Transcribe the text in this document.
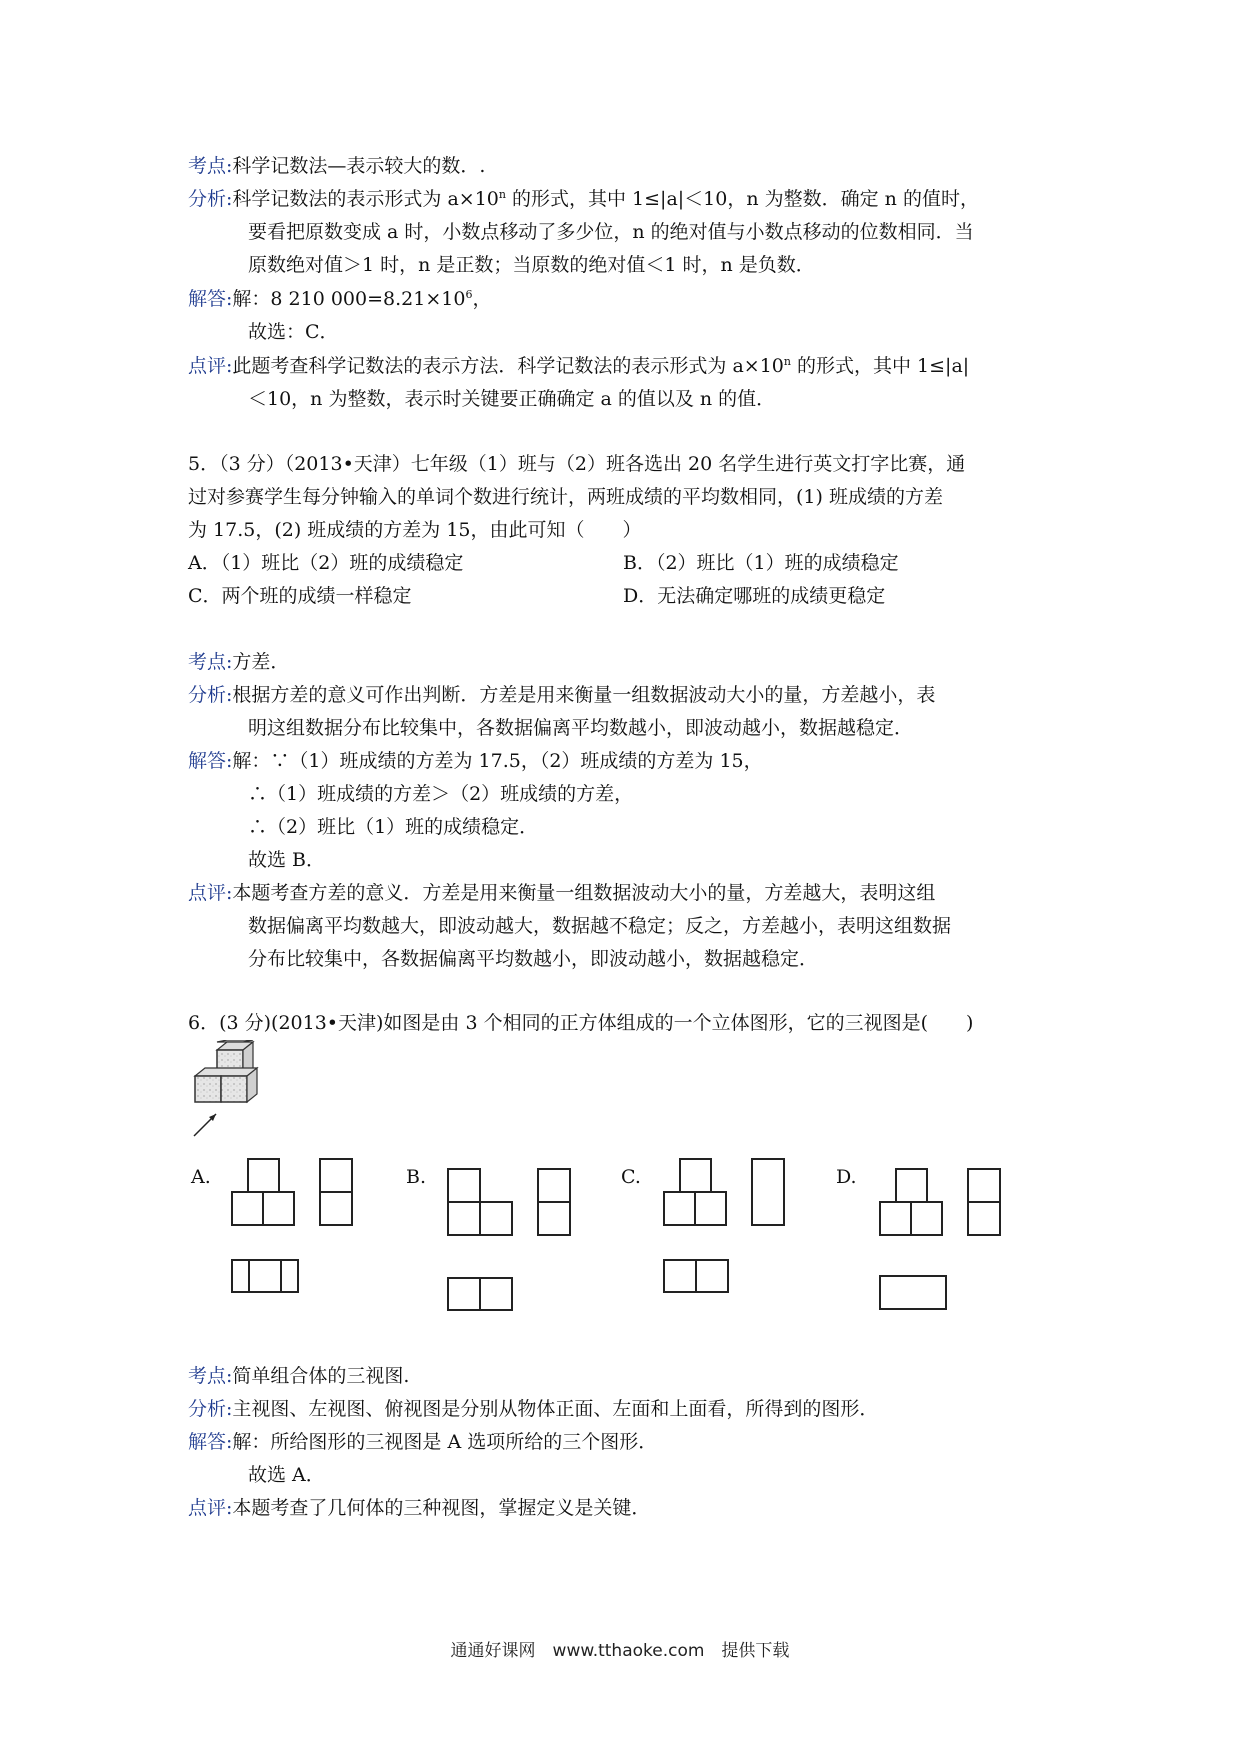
考点:科学记数法—表示较大的数．.
分析:科学记数法的表示形式为 $a\times 10^n$ 的形式，其中 1≤|a|＜10，n 为整数．确定 n 的值时，
要看把原数变成 a 时，小数点移动了多少位，n 的绝对值与小数点移动的位数相同．当
原数绝对值＞1 时，n 是正数；当原数的绝对值＜1 时，n 是负数．
解答:解：8 210 $000=8.21\times 10^6$，
故选：C．
点评:此题考查科学记数法的表示方法．科学记数法的表示形式为 $a\times 10^n$ 的形式，其中 1≤|a|
＜10，n 为整数，表示时关键要正确确定 a 的值以及 n 的值．
5．（3 分）（2013•天津）七年级（1）班与（2）班各选出 20 名学生进行英文打字比赛，通
过对参赛学生每分钟输入的单词个数进行统计，两班成绩的平均数相同，(1) 班成绩的方差
为 17.5，(2) 班成绩的方差为 15，由此可知（　　）
A．（1）班比（2）班的成绩稳定	B．（2）班比（1）班的成绩稳定
C．两个班的成绩一样稳定	D．无法确定哪班的成绩更稳定
考点:方差．
分析:根据方差的意义可作出判断．方差是用来衡量一组数据波动大小的量，方差越小，表
明这组数据分布比较集中，各数据偏离平均数越小，即波动越小，数据越稳定．
解答:解：∵（1）班成绩的方差为 17.5，（2）班成绩的方差为 15，
∴（1）班成绩的方差＞（2）班成绩的方差，
∴（2）班比（1）班的成绩稳定．
故选 B．
点评:本题考查方差的意义．方差是用来衡量一组数据波动大小的量，方差越大，表明这组
数据偏离平均数越大，即波动越大，数据越不稳定；反之，方差越小，表明这组数据
分布比较集中，各数据偏离平均数越小，即波动越小，数据越稳定．
6．(3 分)(2013•天津)如图是由 3 个相同的正方体组成的一个立体图形，它的三视图是(　　)
A.	B.	C.	D.
考点:简单组合体的三视图.
分析:主视图、左视图、俯视图是分别从物体正面、左面和上面看，所得到的图形．
解答:解：所给图形的三视图是 A 选项所给的三个图形．
故选 A．
点评:本题考查了几何体的三种视图，掌握定义是关键．
通通好课网　www.tthaoke.com　提供下载
